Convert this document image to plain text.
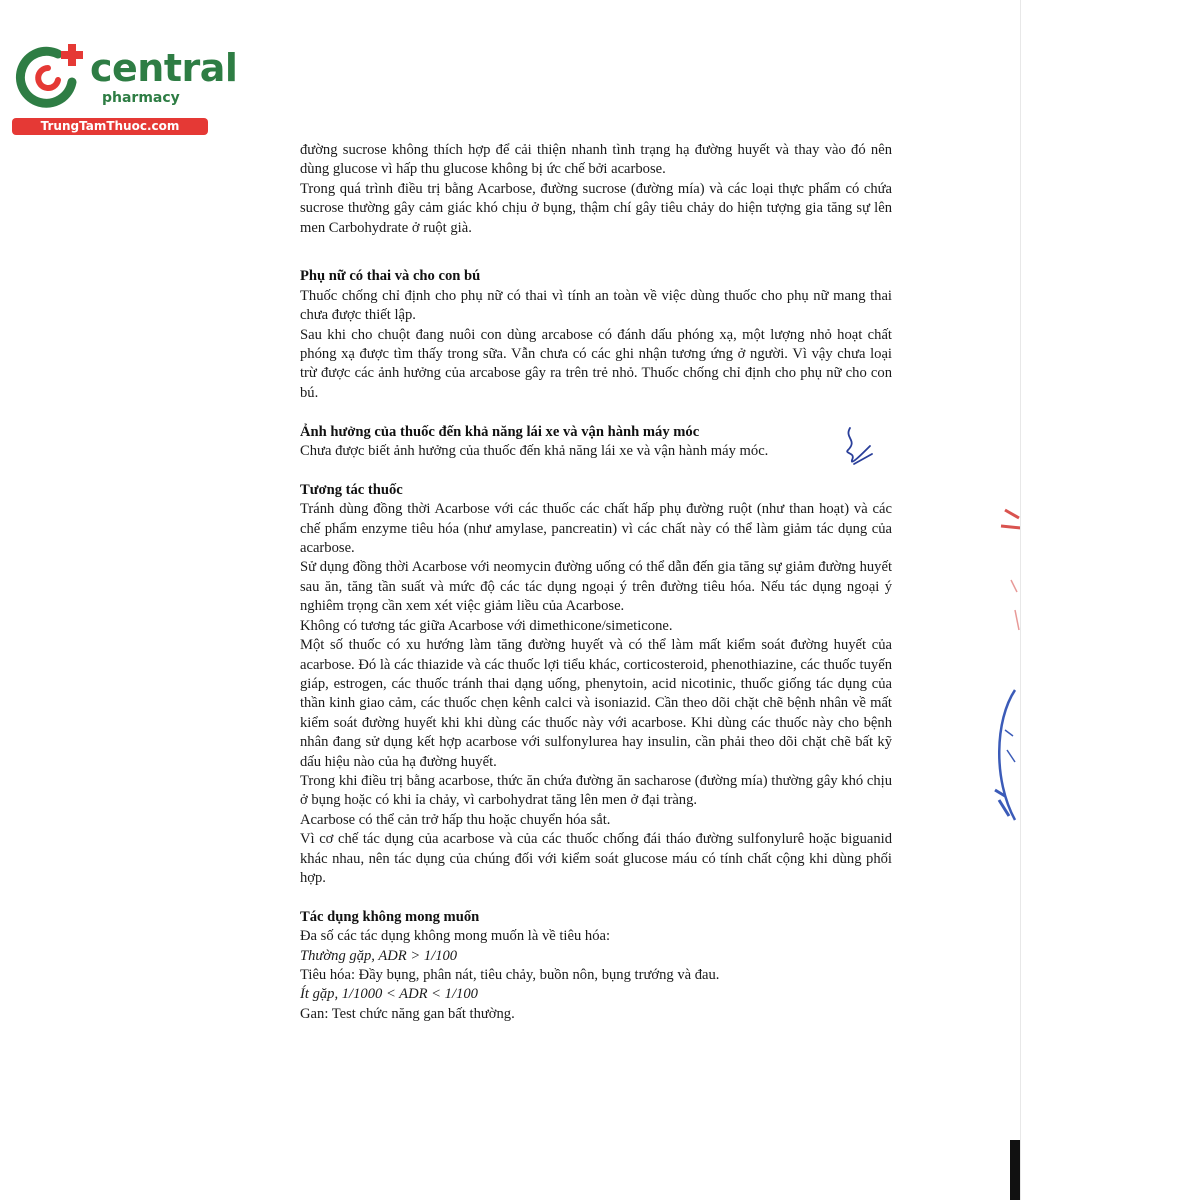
central
pharmacy
TrungTamThuoc.com

đường sucrose không thích hợp để cải thiện nhanh tình trạng hạ đường huyết và thay vào đó nên dùng glucose vì hấp thu glucose không bị ức chế bởi acarbose.

Trong quá trình điều trị bằng Acarbose, đường sucrose (đường mía) và các loại thực phẩm có chứa sucrose thường gây cảm giác khó chịu ở bụng, thậm chí gây tiêu chảy do hiện tượng gia tăng sự lên men Carbohydrate ở ruột già.

Phụ nữ có thai và cho con bú

Thuốc chống chỉ định cho phụ nữ có thai vì tính an toàn về việc dùng thuốc cho phụ nữ mang thai chưa được thiết lập.

Sau khi cho chuột đang nuôi con dùng arcabose có đánh dấu phóng xạ, một lượng nhỏ hoạt chất phóng xạ được tìm thấy trong sữa. Vẫn chưa có các ghi nhận tương ứng ở người. Vì vậy chưa loại trừ được các ảnh hưởng của arcabose gây ra trên trẻ nhỏ. Thuốc chống chỉ định cho phụ nữ cho con bú.

Ảnh hưởng của thuốc đến khả năng lái xe và vận hành máy móc

Chưa được biết ảnh hưởng của thuốc đến khả năng lái xe và vận hành máy móc.

Tương tác thuốc

Tránh dùng đồng thời Acarbose với các thuốc các chất hấp phụ đường ruột (như than hoạt) và các chế phẩm enzyme tiêu hóa (như amylase, pancreatin) vì các chất này có thể làm giảm tác dụng của acarbose.

Sử dụng đồng thời Acarbose với neomycin đường uống có thể dẫn đến gia tăng sự giảm đường huyết sau ăn, tăng tần suất và mức độ các tác dụng ngoại ý trên đường tiêu hóa. Nếu tác dụng ngoại ý nghiêm trọng cần xem xét việc giảm liều của Acarbose.

Không có tương tác giữa Acarbose với dimethicone/simeticone.

Một số thuốc có xu hướng làm tăng đường huyết và có thể làm mất kiểm soát đường huyết của acarbose. Đó là các thiazide và các thuốc lợi tiểu khác, corticosteroid, phenothiazine, các thuốc tuyến giáp, estrogen, các thuốc tránh thai dạng uống, phenytoin, acid nicotinic, thuốc giống tác dụng của thần kinh giao cảm, các thuốc chẹn kênh calci và isoniazid. Cần theo dõi chặt chẽ bệnh nhân về mất kiểm soát đường huyết khi khi dùng các thuốc này với acarbose. Khi dùng các thuốc này cho bệnh nhân đang sử dụng kết hợp acarbose với sulfonylurea hay insulin, cần phải theo dõi chặt chẽ bất kỹ dấu hiệu nào của hạ đường huyết.

Trong khi điều trị bằng acarbose, thức ăn chứa đường ăn sacharose (đường mía) thường gây khó chịu ở bụng hoặc có khi ỉa chảy, vì carbohydrat tăng lên men ở đại tràng.

Acarbose có thể cản trở hấp thu hoặc chuyển hóa sắt.

Vì cơ chế tác dụng của acarbose và của các thuốc chống đái tháo đường sulfonylurê hoặc biguanid khác nhau, nên tác dụng của chúng đối với kiểm soát glucose máu có tính chất cộng khi dùng phối hợp.

Tác dụng không mong muốn

Đa số các tác dụng không mong muốn là về tiêu hóa:

Thường gặp, ADR > 1/100

Tiêu hóa: Đầy bụng, phân nát, tiêu chảy, buồn nôn, bụng trướng và đau.

Ít gặp, 1/1000 < ADR < 1/100

Gan: Test chức năng gan bất thường.
